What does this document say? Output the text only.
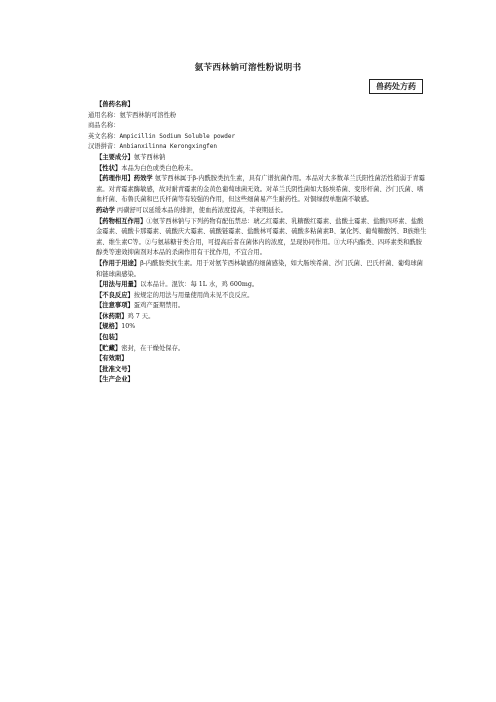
氨苄西林钠可溶性粉说明书
兽药处方药

【兽药名称】

通用名称：氨苄西林钠可溶性粉

商品名称：

英文名称：Ampicillin Sodium Soluble powder

汉语拼音：Anbianxilinna Kerongxingfen

【主要成分】氨苄西林钠

【性状】本品为白色或类白色粉末。

【药理作用】药效学 氨苄西林属于β-内酰胺类抗生素，具有广谱抗菌作用。本品对大多数革兰氏阳性菌活性稍弱于青霉素。对青霉素酶敏感，故对耐青霉素的金黄色葡萄球菌无效。对革兰氏阴性菌如大肠埃希菌、变形杆菌、沙门氏菌、嗜血杆菌、布鲁氏菌和巴氏杆菌等有较强的作用，但这些细菌易产生耐药性。对铜绿假单胞菌不敏感。

药动学 丙磺舒可以延缓本品的排泄，使血药浓度提高，半衰期延长。

【药物相互作用】①氨苄西林钠与下列药物有配伍禁忌：琥乙红霉素、乳糖酸红霉素、盐酸土霉素、盐酸四环素、盐酸金霉素、硫酸卡那霉素、硫酸庆大霉素、硫酸链霉素、盐酸林可霉素、硫酸多粘菌素B、氯化钙、葡萄糖酸钙、B族维生素、维生素C等。②与氨基糖苷类合用，可提高后者在菌体内的浓度，呈现协同作用。③大环内酯类、四环素类和酰胺醇类等速效抑菌剂对本品的杀菌作用有干扰作用，不宜合用。

【作用于用途】β-内酰胺类抗生素。用于对氨苄西林敏感的细菌感染，如大肠埃希菌、沙门氏菌、巴氏杆菌、葡萄球菌和链球菌感染。

【用法与用量】以本品计。混饮：每 1L 水，鸡 600mg。

【不良反应】按规定的用法与用量使用尚未见不良反应。

【注意事项】蛋鸡产蛋期禁用。

【休药期】鸡 7 天。

【规格】10%

【包装】

【贮藏】密封，在干燥处保存。

【有效期】

【批准文号】

【生产企业】
